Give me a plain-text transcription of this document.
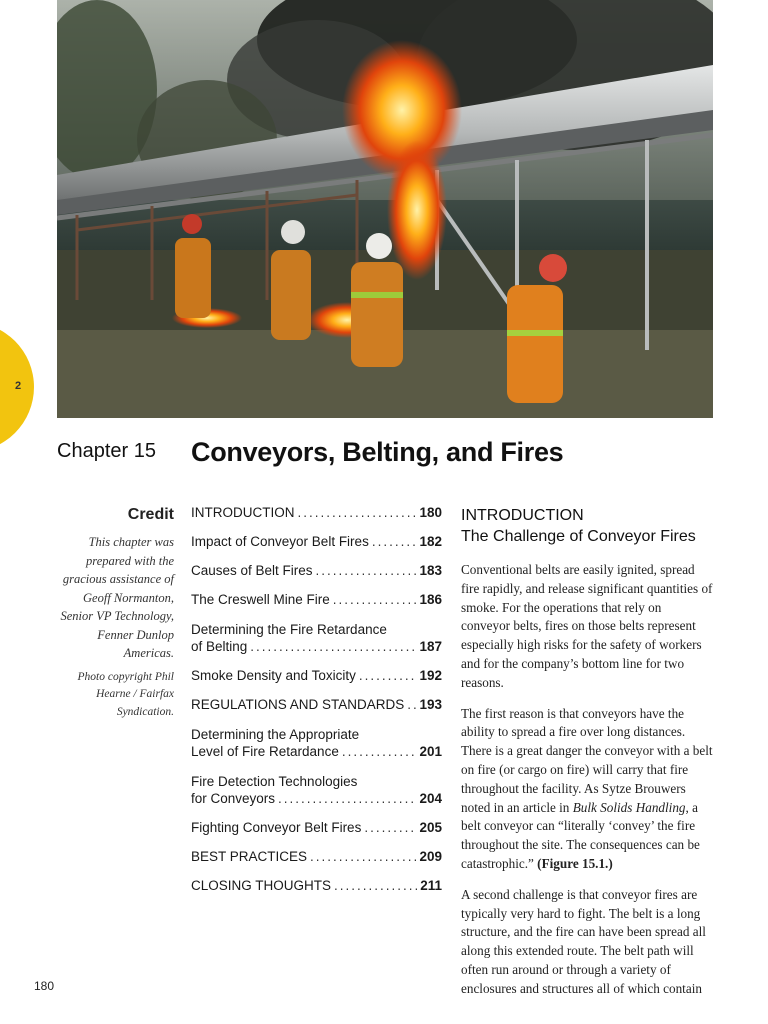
2
Chapter 15 Conveyors, Belting, and Fires
Credit
This chapter was prepared with the gracious assistance of Geoff Normanton, Senior VP Technology, Fenner Dunlop Americas.
Photo copyright Phil Hearne / Fairfax Syndication.
INTRODUCTION .....	180
Impact of Conveyor Belt Fires .....	182
Causes of Belt Fires .....	183
The Creswell Mine Fire .....	186
Determining the Fire Retardance
of Belting .....	187
Smoke Density and Toxicity .....	192
REGULATIONS AND STANDARDS ..... 193
Determining the Appropriate
Level of Fire Retardance .....	201
Fire Detection Technologies
for Conveyors .....	204
Fighting Conveyor Belt Fires .....	205
BEST PRACTICES .....	209
CLOSING THOUGHTS .....	211
INTRODUCTION
The Challenge of Conveyor Fires

Conventional belts are easily ignited, spread fire rapidly, and release significant quantities of smoke. For the operations that rely on conveyor belts, fires on those belts represent especially high risks for the safety of workers and for the company’s bottom line for two reasons.

The first reason is that conveyors have the ability to spread a fire over long distances. There is a great danger the conveyor with a belt on fire (or cargo on fire) will carry that fire throughout the facility. As Sytze Brouwers noted in an article in Bulk Solids Handling, a belt conveyor can “literally ‘convey’ the fire throughout the site. The consequences can be catastrophic.” (Figure 15.1.)

A second challenge is that conveyor fires are typically very hard to fight. The belt is a long structure, and the fire can have been spread all along this extended route. The belt path will often run around or through a variety of enclosures and structures all of which contain

180
